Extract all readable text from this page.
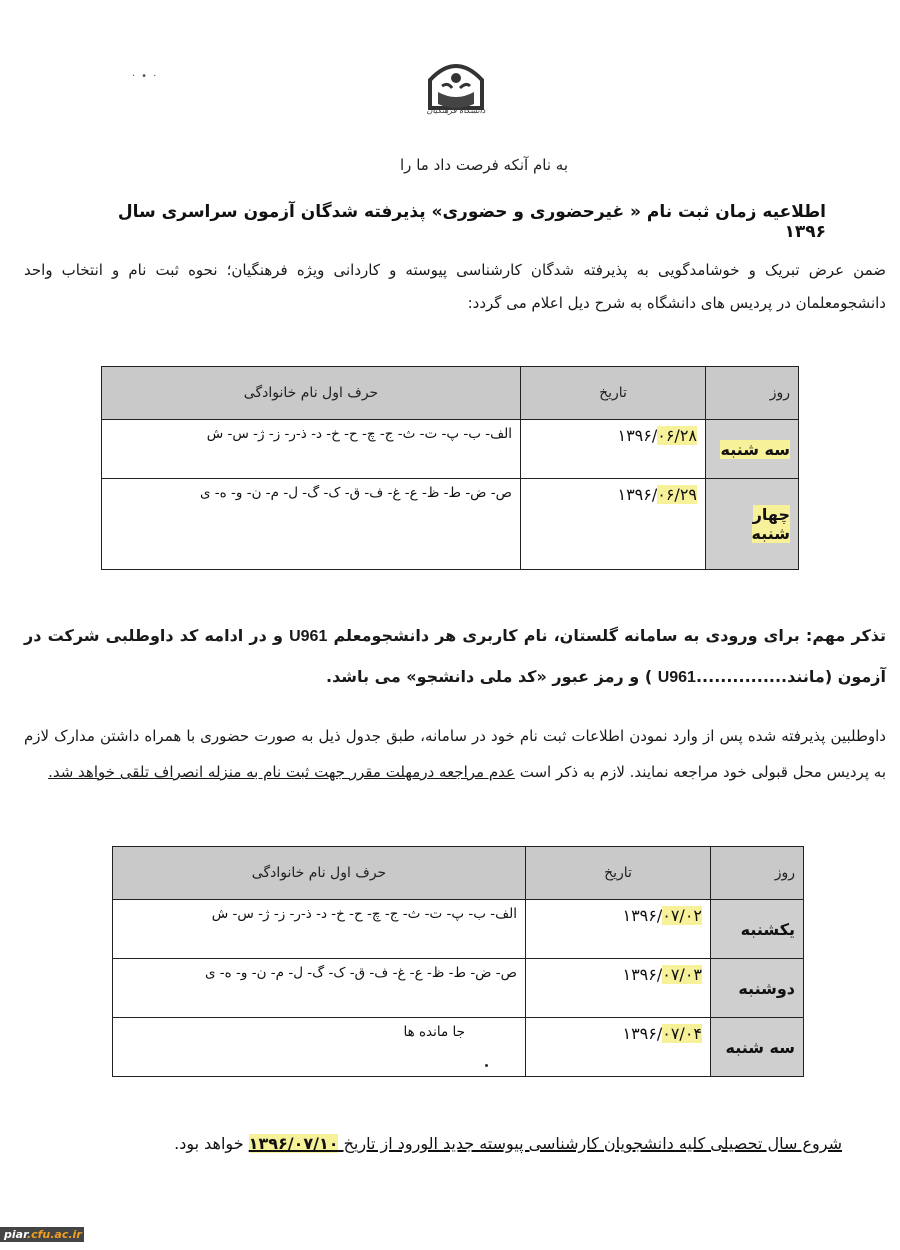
دانشگاه فرهنگیان
·•·
به نام آنکه فرصت داد ما را
اطلاعیه زمان ثبت نام « غیرحضوری و حضوری» پذیرفته شدگان آزمون سراسری سال ۱۳۹۶
ضمن عرض تبریک و خوشامدگویی به پذیرفته شدگان کارشناسی پیوسته و کاردانی ویژه فرهنگیان؛ نحوه ثبت نام و انتخاب واحد دانشجومعلمان در پردیس های دانشگاه به شرح دیل اعلام می گردد:
روز	تاریخ	حرف اول نام خانوادگی
سه شنبه	۱۳۹۶/۰۶/۲۸	الف- ب- پ- ت- ث- ج- چ- ح- خ- د- ذ-ر- ز- ژ- س- ش
چهار شنبه	۱۳۹۶/۰۶/۲۹	ص- ض- ط- ظ- ع- غ- ف- ق- ک- گ- ل- م- ن- و- ه- ی
تذکر مهم: برای ورودی به سامانه گلستان، نام کاربری هر دانشجومعلم U961 و در ادامه کد داوطلبی شرکت در آزمون (مانند...............U961 ) و رمز عبور «کد ملی دانشجو» می باشد.
داوطلبین پذیرفته شده پس از وارد نمودن اطلاعات ثبت نام خود در سامانه، طبق جدول ذیل به صورت حضوری با همراه داشتن مدارک لازم به پردیس محل قبولی خود مراجعه نمایند. لازم به ذکر است عدم مراجعه درمهلت مقرر جهت ثبت نام به منزله انصراف تلقی خواهد شد.
روز	تاریخ	حرف اول نام خانوادگی
یکشنبه	۱۳۹۶/۰۷/۰۲	الف- ب- پ- ت- ث- ج- چ- ح- خ- د- ذ-ر- ز- ژ- س- ش
دوشنبه	۱۳۹۶/۰۷/۰۳	ص- ض- ط- ظ- ع- غ- ف- ق- ک- گ- ل- م- ن- و- ه- ی
سه شنبه	۱۳۹۶/۰۷/۰۴	جا مانده ها
شروع سال تحصیلی کلیه دانشجویان کارشناسی پیوسته جدید الورود از تاریخ ۱۳۹۶/۰۷/۱۰ خواهد بود.
piar.cfu.ac.ir
